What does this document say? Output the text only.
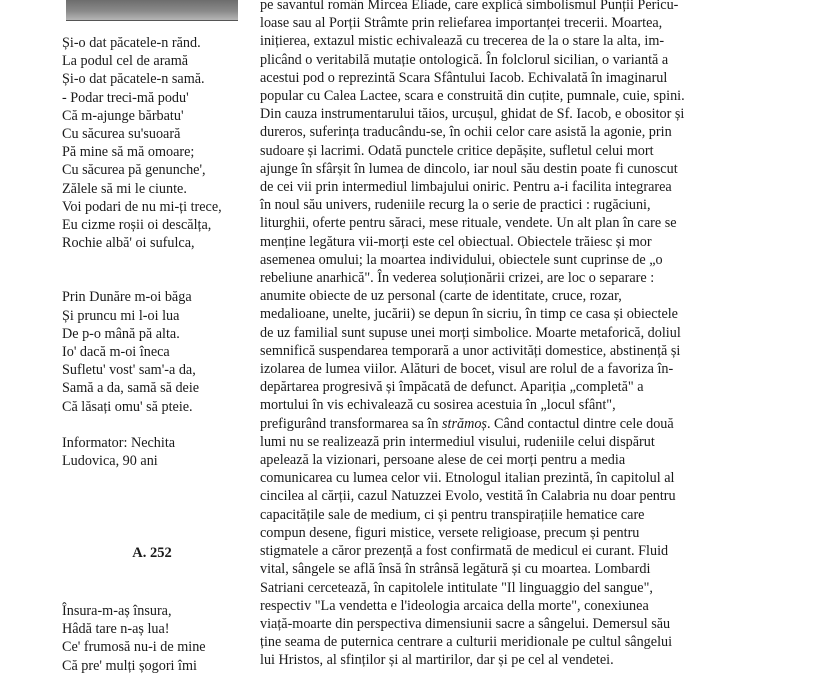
Și-o dat păcatele-n rănd.
La podul cel de aramă
Și-o dat păcatele-n samă.
- Podar treci-mă podu'
Că m-ajunge bărbatu'
Cu săcurea su'suoară
Pă mine să mă omoare;
Cu săcurea pă genunche',
Zălele să mi le ciunte.
Voi podari de nu mi-ți trece,
Eu cizme roșii oi descălța,
Rochie albă' oi sufulca,
Prin Dunăre m-oi băga
Și pruncu mi l-oi lua
De p-o mână pă alta.
Io' dacă m-oi îneca
Sufletu' vost' sam'-a da,
Samă a da, samă să deie
Că lăsați omu' să pteie.
Informator: Nechita
Ludovica, 90 ani
A. 252
Însura-m-aș însura,
Hâdă tare n-aș lua!
Ce' frumosă nu-i de mine
Că pre' mulți șogori îmi
pe savantul român Mircea Eliade, care explică simbolismul Punții Pericu-
loase sau al Porții Strâmte prin reliefarea importanței trecerii. Moartea,
inițierea, extazul mistic echivalează cu trecerea de la o stare la alta, im-
plicând o veritabilă mutație ontologică. În folclorul sicilian, o variantă a
acestui pod o reprezintă Scara Sfântului Iacob. Echivalată în imaginarul
popular cu Calea Lactee, scara e construită din cuțite, pumnale, cuie, spini.
Din cauza instrumentarului tăios, urcușul, ghidat de Sf. Iacob, e obositor și
dureros, suferința traducându-se, în ochii celor care asistă la agonie, prin
sudoare și lacrimi. Odată punctele critice depășite, sufletul celui mort
ajunge în sfârșit în lumea de dincolo, iar noul său destin poate fi cunoscut
de cei vii prin intermediul limbajului oniric. Pentru a-i facilita integrarea
în noul său univers, rudeniile recurg la o serie de practici : rugăciuni,
liturghii, oferte pentru săraci, mese rituale, vendete. Un alt plan în care se
menține legătura vii-morți este cel obiectual. Obiectele trăiesc și mor
asemenea omului; la moartea individului, obiectele sunt cuprinse de „o
rebeliune anarhică". În vederea soluționării crizei, are loc o separare :
anumite obiecte de uz personal (carte de identitate, cruce, rozar,
medalioane, unelte, jucării) se depun în sicriu, în timp ce casa și obiectele
de uz familial sunt supuse unei morți simbolice. Moarte metaforică, doliul
semnifică suspendarea temporară a unor activități domestice, abstinență și
izolarea de lumea viilor. Alături de bocet, visul are rolul de a favoriza în-
depărtarea progresivă și împăcată de defunct. Apariția „completă" a
mortului în vis echivalează cu sosirea acestuia în „locul sfânt",
prefigurând transformarea sa în strămoș. Când contactul dintre cele două
lumi nu se realizează prin intermediul visului, rudeniile celui dispărut
apelează la vizionari, persoane alese de cei morți pentru a media
comunicarea cu lumea celor vii. Etnologul italian prezintă, în capitolul al
cincilea al cărții, cazul Natuzzei Evolo, vestită în Calabria nu doar pentru
capacitățile sale de medium, ci și pentru transpirațiile hematice care
compun desene, figuri mistice, versete religioase, precum și pentru
stigmatele a căror prezență a fost confirmată de medicul ei curant. Fluid
vital, sângele se află însă în strânsă legătură și cu moartea. Lombardi
Satriani cercetează, în capitolele intitulate "Il linguaggio del sangue",
respectiv "La vendetta e l'ideologia arcaica della morte", conexiunea
viață-moarte din perspectiva dimensiunii sacre a sângelui. Demersul său
ține seama de puternica centrare a culturii meridionale pe cultul sângelui
lui Hristos, al sfinților și al martirilor, dar și pe cel al vendetei.
